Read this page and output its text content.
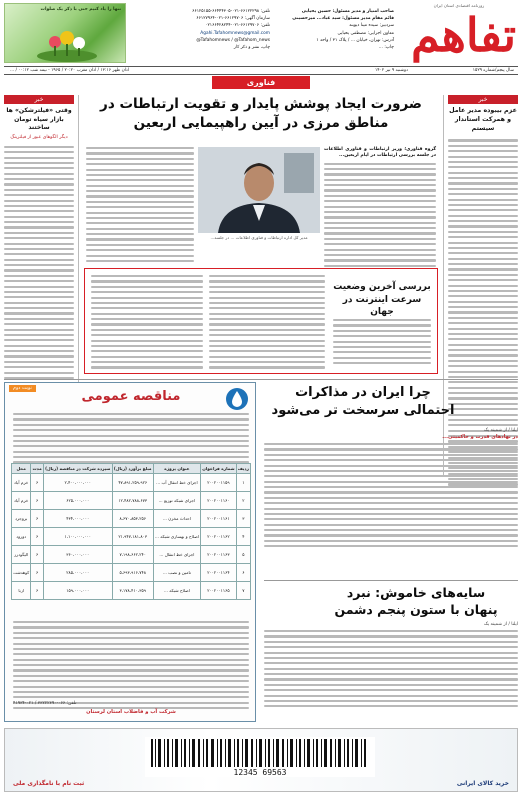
روزنامه اقتصادی استان ایران
تفاهم
صاحب امتیاز و مدیر مسئول: حسین یحیایی
قائم مقام مدیر مسئول: سید عباد... میرحسینی
سردبیر: سیده مینا دیوبند
معاون اجرایی: مصطفی یحیایی
آدرس: تهران، خیابان ... / پلاک ۳۱ / واحد ۱
چاپ: ...
تلفن: ۶۶۱۲۲۲۹۸-۰۲۱-۶۶۴۴۴۳۰۵-۶۶۱۲۵۱۵۵
سازمان آگهی: ۶۶۱۲۹۷۰۶-۰۲۱-۶۶۱۲۷۹۶۴
تلفن: ۶۶۱۲۹۷۰۶-۰۲۱-۰۲۱۶۶۴۲۸۲۴۴
Agahi.Tafahomnews@gmail.com
@Tafahomnews / @Tafahom_news
چاپ، نشر و ذکر کار
تنها را یاد کنیم حتی با ذکر یک صلوات
سال پنجم/شماره ۱۵۲۹
دوشنبه ۹ تیر ۱۴۰۲
اذان ظهر ۱۳:۱۶ / اذان مغرب ۲۰:۲۰ / ۱۹۶۵ - نیمه شب ۰۰:۱۲ / ...
فناوری
خبر
عزم بیبوده مدیر عامل و همرکت استاندار سیستم
خبر
وقتی «فیلترشکن» ها بازار سیاه تومان ساختند
دیگر الگوهای عبور از فیلترینگ
ضرورت ایجاد پوشش پایدار و تقویت ارتباطات در مناطق مرزی در آیین راهپیمایی اربعین
مدیر کل اداره ارتباطات و فناوری اطلاعات ... در جلسه...
گروه فناوری؛ وزیر ارتباطات و فناوری اطلاعات در جلسه بررسی ارتباطات در ایام اربعین...
بررسی آخرین وضعیت سرعت اینترنت در جهان
نوبت دوم
مناقصه عمومی
ردیف	شماره فراخوان	عنوان پروژه	مبلغ برآورد (ریال)	سپرده شرکت در مناقصه (ریال)	مدت	محل
۱	۲۰۰۲۰۰۱۱۵۹	اجرای خط انتقال آب ...	۴۷،۸۹۱،۲۵۹،۹۲۶	۲،۴۰۰،۰۰۰،۰۰۰	۶	خرم آباد
۲	۲۰۰۲۰۰۱۱۶۰	اجرای شبکه توزیع ...	۱۲،۴۸۲،۷۸۸،۶۷۳	۶۲۵،۰۰۰،۰۰۰	۶	خرم آباد
۳	۲۰۰۲۰۰۱۱۶۱	احداث مخزن ...	۸،۶۷۰،۸۵۳،۲۵۶	۴۳۴،۰۰۰،۰۰۰	۶	بروجرد
۴	۲۰۰۲۰۰۱۱۶۲	اصلاح و بهسازی شبکه ...	۲۱،۹۴۷،۱۸۱،۸۰۳	۱،۱۰۰،۰۰۰،۰۰۰	۶	دورود
۵	۲۰۰۲۰۰۱۱۶۳	اجرای خط انتقال ...	۷،۱۹۸،۶۶۲،۲۴۰	۳۶۰،۰۰۰،۰۰۰	۶	الیگودرز
۶	۲۰۰۲۰۰۱۱۶۴	تامین و نصب ...	۵،۶۹۳،۹۱۶،۷۴۸	۲۸۵،۰۰۰،۰۰۰	۶	کوهدشت
۷	۲۰۰۲۰۰۱۱۶۵	اصلاح شبکه ...	۳،۱۷۸،۴۱۰،۳۵۹	۱۵۹،۰۰۰،۰۰۰	۶	ازنا
تلفن: ۰۶۶-۳۳۲۲۲۳۹۰ / ۰۲۱-۴۱۹۳۴
شرکت آب و فاضلاب استان لرستان
چرا ایران در مذاکرات احتمالی سرسخت تر می‌شود
ایلنا / از شمینه یک
در نهادهای قدرت و حاکمیتی...
سایه‌های خاموش: نبرد پنهان با ستون پنجم دشمن
ایلنا / از شمینه یک
خرید کالای ایرانی
ثبت نام با نامگذاری ملی
12345 69563
